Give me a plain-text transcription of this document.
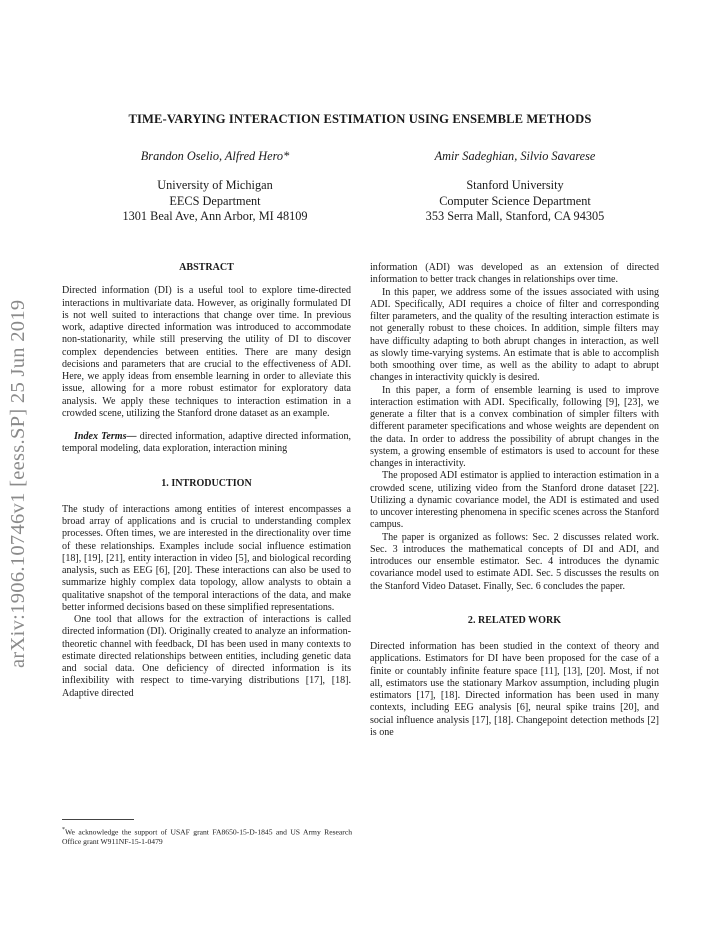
arXiv:1906.10746v1 [eess.SP] 25 Jun 2019
TIME-VARYING INTERACTION ESTIMATION USING ENSEMBLE METHODS
Brandon Oselio, Alfred Hero*
University of Michigan
EECS Department
1301 Beal Ave, Ann Arbor, MI 48109
Amir Sadeghian, Silvio Savarese
Stanford University
Computer Science Department
353 Serra Mall, Stanford, CA 94305

ABSTRACT

Directed information (DI) is a useful tool to explore time-directed interactions in multivariate data. However, as originally formulated DI is not well suited to interactions that change over time. In previous work, adaptive directed information was introduced to accommodate non-stationarity, while still preserving the utility of DI to discover complex dependencies between entities. There are many design decisions and parameters that are crucial to the effectiveness of ADI. Here, we apply ideas from ensemble learning in order to alleviate this issue, allowing for a more robust estimator for exploratory data analysis. We apply these techniques to interaction estimation in a crowded scene, utilizing the Stanford drone dataset as an example.

Index Terms— directed information, adaptive directed information, temporal modeling, data exploration, interaction mining

1. INTRODUCTION

The study of interactions among entities of interest encompasses a broad array of applications and is crucial to understanding complex processes. Often times, we are interested in the directionality over time of these relationships. Examples include social influence estimation [18], [19], [21], entity interaction in video [5], and biological recording analysis, such as EEG [6], [20]. These interactions can also be used to summarize highly complex data topology, allow analysts to obtain a qualitative snapshot of the temporal interactions of the data, and make better informed decisions based on these simplified representations.

One tool that allows for the extraction of interactions is called directed information (DI). Originally created to analyze an information-theoretic channel with feedback, DI has been used in many contexts to estimate directed relationships between entities, including genetic data and social data. One deficiency of directed information is its inflexibility with respect to time-varying distributions [17], [18]. Adaptive directed

information (ADI) was developed as an extension of directed information to better track changes in relationships over time.

In this paper, we address some of the issues associated with using ADI. Specifically, ADI requires a choice of filter and corresponding filter parameters, and the quality of the resulting interaction estimate is not generally robust to these choices. In addition, simple filters may have difficulty adapting to both abrupt changes in interaction, as well as slowly time-varying systems. An estimate that is able to accomplish both smoothing over time, as well as the ability to adapt to abrupt changes in interactivity quickly is desired.

In this paper, a form of ensemble learning is used to improve interaction estimation with ADI. Specifically, following [9], [23], we generate a filter that is a convex combination of simpler filters with different parameter specifications and whose weights are dependent on the data. In order to address the possibility of abrupt changes in the system, a growing ensemble of estimators is used to account for these changes in interactivity.

The proposed ADI estimator is applied to interaction estimation in a crowded scene, utilizing video from the Stanford drone dataset [22]. Utilizing a dynamic covariance model, the ADI is estimated and used to uncover interesting phenomena in specific scenes across the Stanford campus.

The paper is organized as follows: Sec. 2 discusses related work. Sec. 3 introduces the mathematical concepts of DI and ADI, and introduces our ensemble estimator. Sec. 4 introduces the dynamic covariance model used to estimate ADI. Sec. 5 discusses the results on the Stanford Video Dataset. Finally, Sec. 6 concludes the paper.

2. RELATED WORK

Directed information has been studied in the context of theory and applications. Estimators for DI have been proposed for the case of a finite or countably infinite feature space [11], [13], [20]. Most, if not all, estimators use the stationary Markov assumption, including plugin estimators [17], [18]. Directed information has been used in many contexts, including EEG analysis [6], neural spike trains [20], and social influence analysis [17], [18]. Changepoint detection methods [2] is one

*We acknowledge the support of USAF grant FA8650-15-D-1845 and US Army Research Office grant W911NF-15-1-0479
